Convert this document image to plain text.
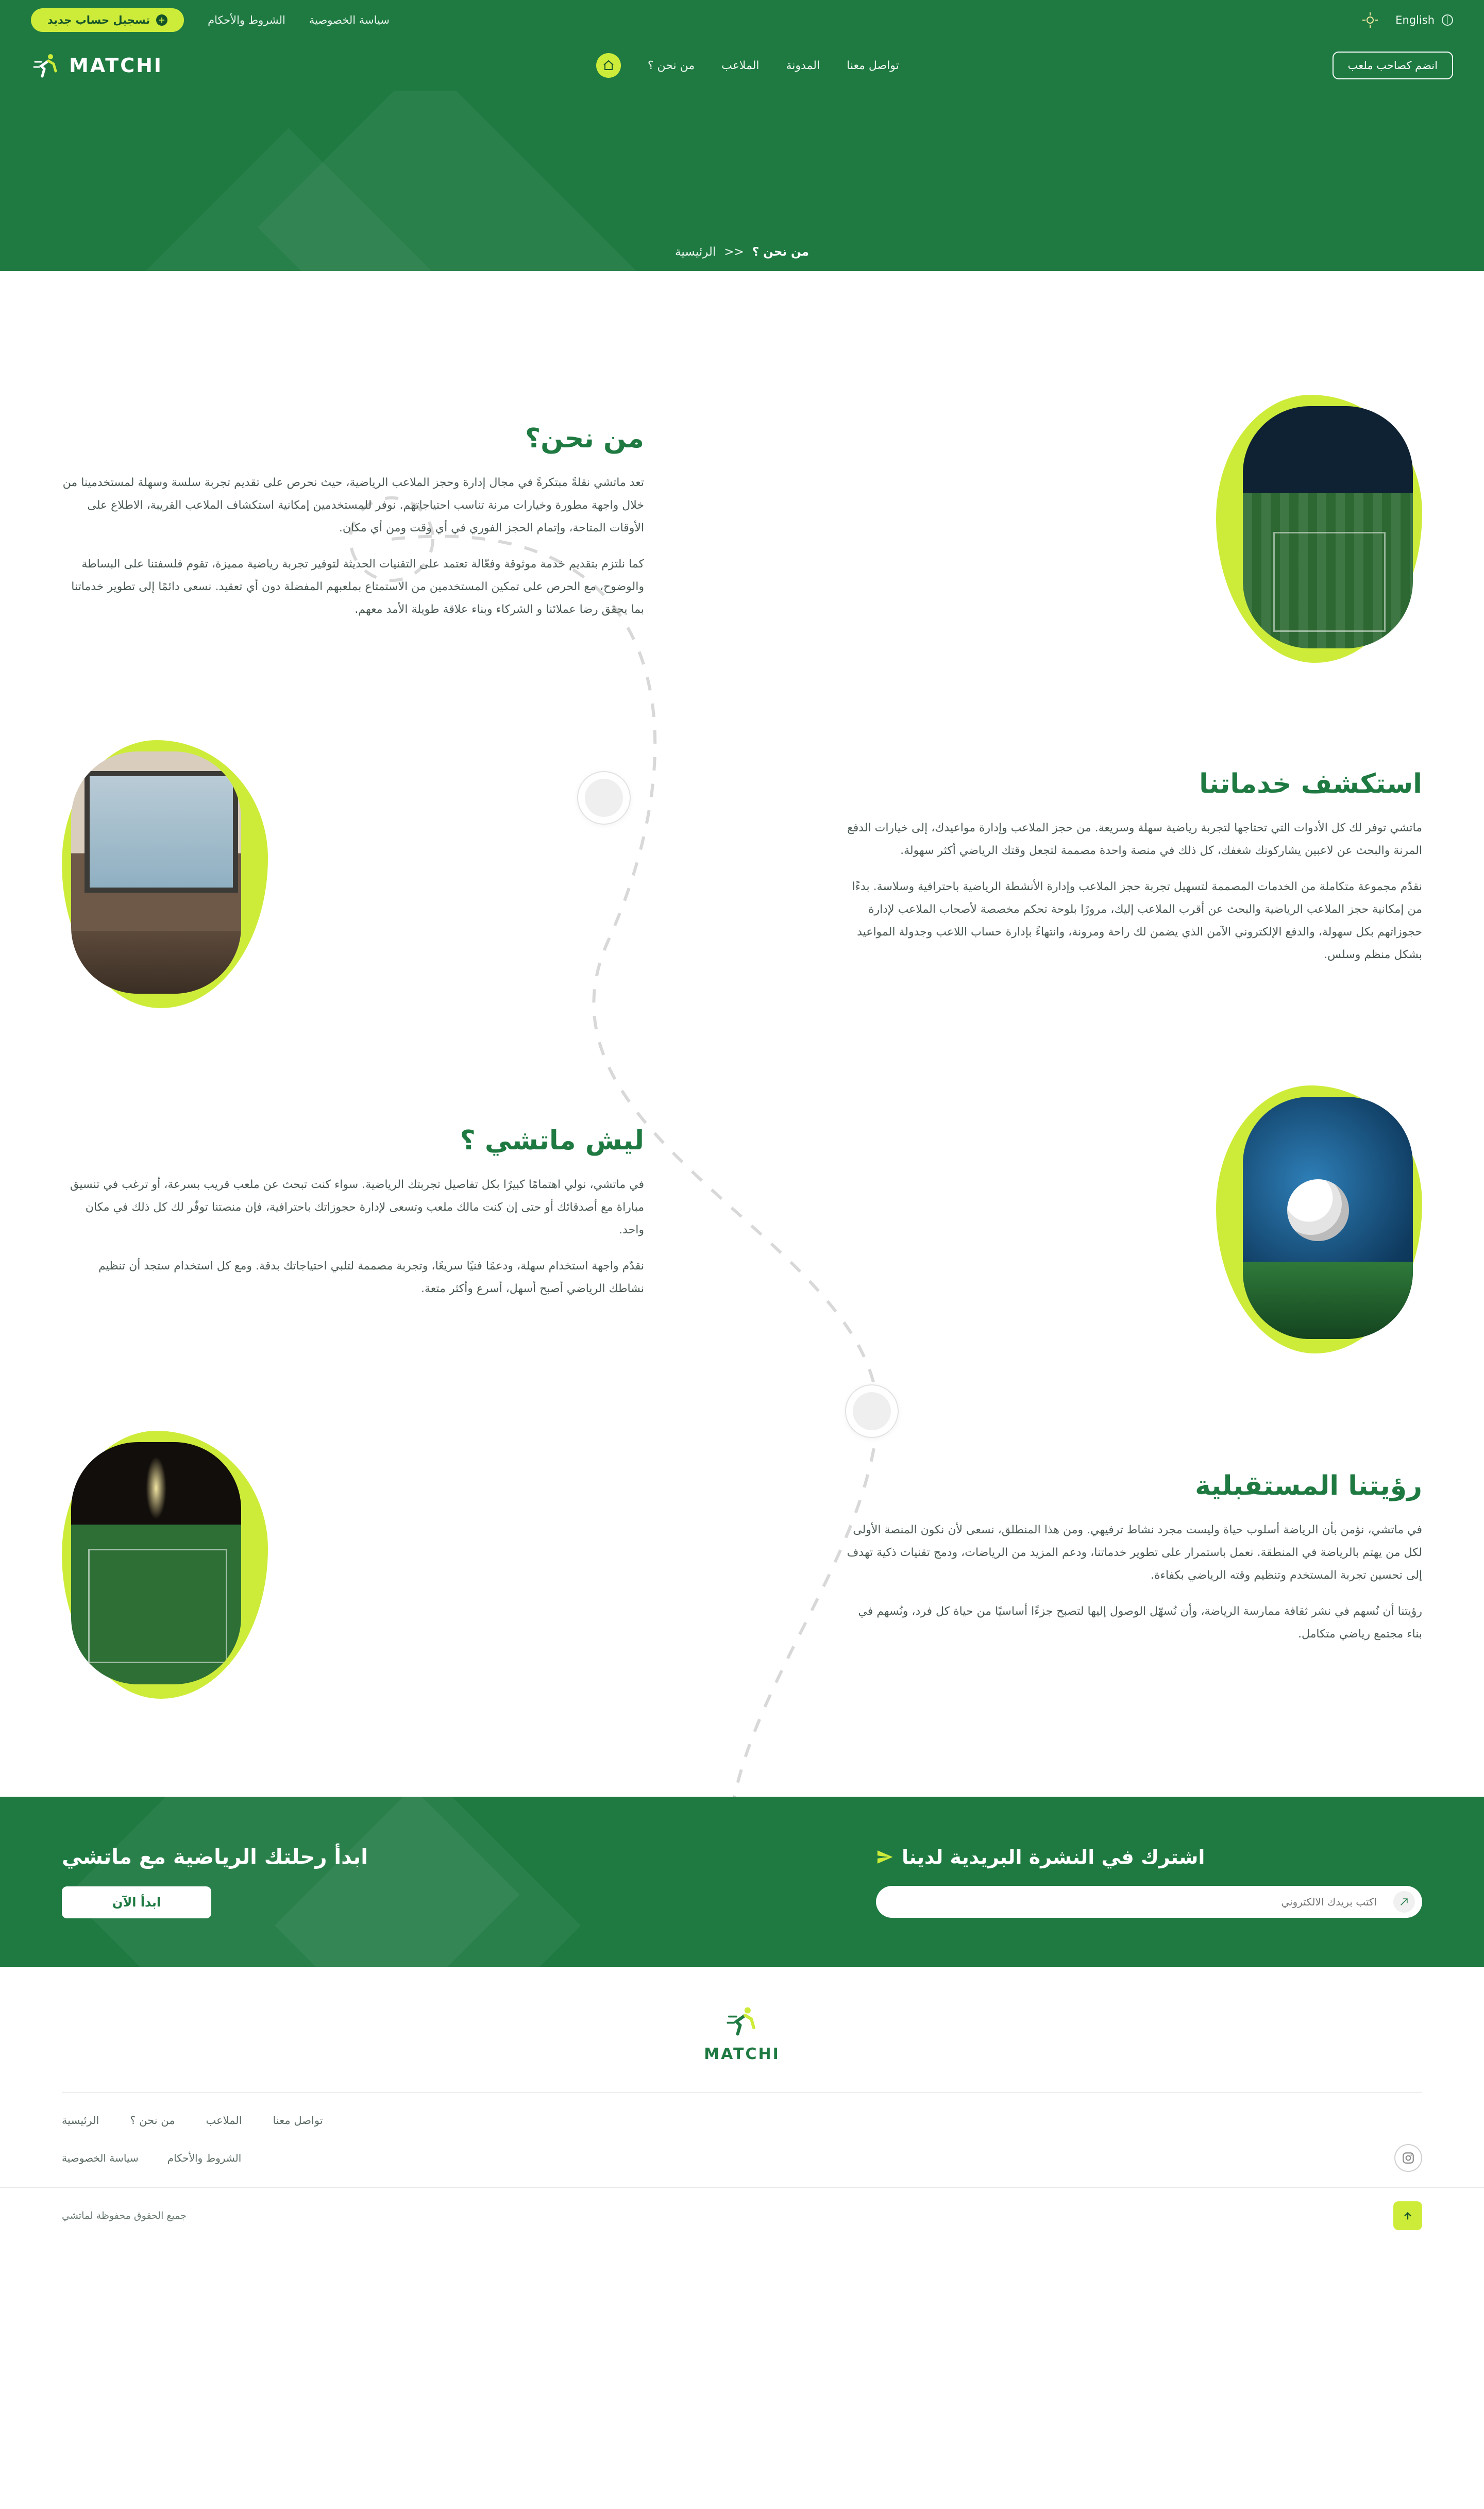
English
سياسة الخصوصية
الشروط والأحكام
+
تسجيل حساب جديد
انضم كصاحب ملعب
تواصل معنا
المدونة
الملاعب
من نحن ؟
MATCHI
من نحن ؟
<<
الرئيسية
من نحن؟

تعد ماتشي نقلةً مبتكرةً في مجال إدارة وحجز الملاعب الرياضية، حيث نحرص على تقديم تجربة سلسة وسهلة لمستخدمينا من خلال واجهة مطورة وخيارات مرنة تناسب احتياجاتهم. نوفر للمستخدمين إمكانية استكشاف الملاعب القريبة، الاطلاع على الأوقات المتاحة، وإتمام الحجز الفوري في أي وقت ومن أي مكان.

كما نلتزم بتقديم خدمة موثوقة وفعّالة تعتمد على التقنيات الحديثة لتوفير تجربة رياضية مميزة، تقوم فلسفتنا على البساطة والوضوح، مع الحرص على تمكين المستخدمين من الاستمتاع بملعبهم المفضلة دون أي تعقيد. نسعى دائمًا إلى تطوير خدماتنا بما يحقق رضا عملائنا و الشركاء وبناء علاقة طويلة الأمد معهم.

استكشف خدماتنا

ماتشي توفر لك كل الأدوات التي تحتاجها لتجربة رياضية سهلة وسريعة. من حجز الملاعب وإدارة مواعيدك، إلى خيارات الدفع المرنة والبحث عن لاعبين يشاركونك شغفك، كل ذلك في منصة واحدة مصممة لتجعل وقتك الرياضي أكثر سهولة.

نقدّم مجموعة متكاملة من الخدمات المصممة لتسهيل تجربة حجز الملاعب وإدارة الأنشطة الرياضية باحترافية وسلاسة. بدءًا من إمكانية حجز الملاعب الرياضية والبحث عن أقرب الملاعب إليك، مرورًا بلوحة تحكم مخصصة لأصحاب الملاعب لإدارة حجوزاتهم بكل سهولة، والدفع الإلكتروني الآمن الذي يضمن لك راحة ومرونة، وانتهاءً بإدارة حساب اللاعب وجدولة المواعيد بشكل منظم وسلس.

ليش ماتشي ؟

في ماتشي، نولي اهتمامًا كبيرًا بكل تفاصيل تجربتك الرياضية. سواء كنت تبحث عن ملعب قريب بسرعة، أو ترغب في تنسيق مباراة مع أصدقائك أو حتى إن كنت مالك ملعب وتسعى لإدارة حجوزاتك باحترافية، فإن منصتنا توفّر لك كل ذلك في مكان واحد.

نقدّم واجهة استخدام سهلة، ودعمًا فنيًا سريعًا، وتجربة مصممة لتلبي احتياجاتك بدقة. ومع كل استخدام ستجد أن تنظيم نشاطك الرياضي أصبح أسهل، أسرع وأكثر متعة.

رؤيتنا المستقبلية

في ماتشي، نؤمن بأن الرياضة أسلوب حياة وليست مجرد نشاط ترفيهي. ومن هذا المنطلق، نسعى لأن نكون المنصة الأولى لكل من يهتم بالرياضة في المنطقة. نعمل باستمرار على تطوير خدماتنا، ودعم المزيد من الرياضات، ودمج تقنيات ذكية تهدف إلى تحسين تجربة المستخدم وتنظيم وقته الرياضي بكفاءة.

رؤيتنا أن نُسهم في نشر ثقافة ممارسة الرياضة، وأن نُسهّل الوصول إليها لتصبح جزءًا أساسيًا من حياة كل فرد، ونُسهم في بناء مجتمع رياضي متكامل.

اشترك في النشرة البريدية لدينا
اكتب بريدك الالكتروني
ابدأ رحلتك الرياضية مع ماتشي
ابدأ الآن
MATCHI
تواصل معنا
الملاعب
من نحن ؟
الرئيسية
الشروط والأحكام
سياسة الخصوصية
جميع الحقوق محفوظة لماتشي
